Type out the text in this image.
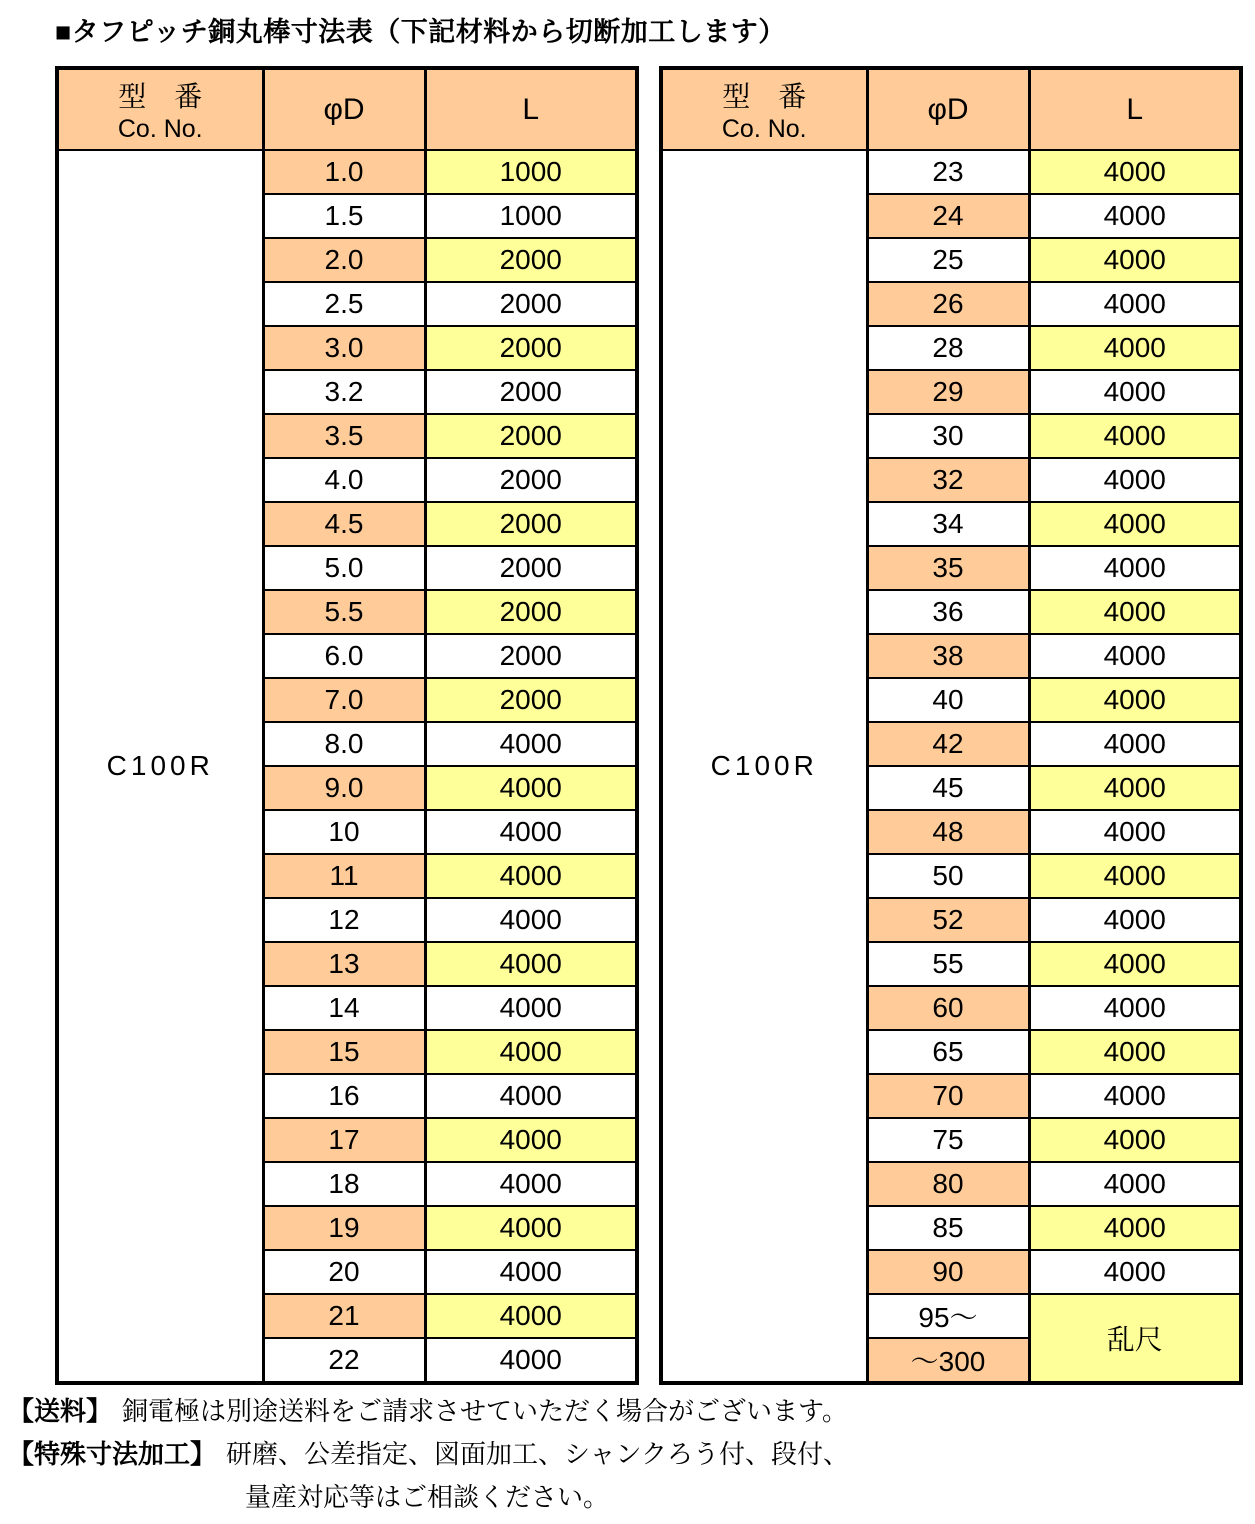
■タフピッチ銅丸棒寸法表（下記材料から切断加工します）
型　番
Co. No.	φD	L
C100R	1.0	1000
	1.5	1000
	2.0	2000
	2.5	2000
	3.0	2000
	3.2	2000
	3.5	2000
	4.0	2000
	4.5	2000
	5.0	2000
	5.5	2000
	6.0	2000
	7.0	2000
	8.0	4000
	9.0	4000
	10	4000
	11	4000
	12	4000
	13	4000
	14	4000
	15	4000
	16	4000
	17	4000
	18	4000
	19	4000
	20	4000
	21	4000
	22	4000
型　番
Co. No.	φD	L
C100R	23	4000
	24	4000
	25	4000
	26	4000
	28	4000
	29	4000
	30	4000
	32	4000
	34	4000
	35	4000
	36	4000
	38	4000
	40	4000
	42	4000
	45	4000
	48	4000
	50	4000
	52	4000
	55	4000
	60	4000
	65	4000
	70	4000
	75	4000
	80	4000
	85	4000
	90	4000
	95～	乱尺
	～300	
【送料】 銅電極は別途送料をご請求させていただく場合がございます。
【特殊寸法加工】 研磨、公差指定、図面加工、シャンクろう付、段付、
量産対応等はご相談ください。
